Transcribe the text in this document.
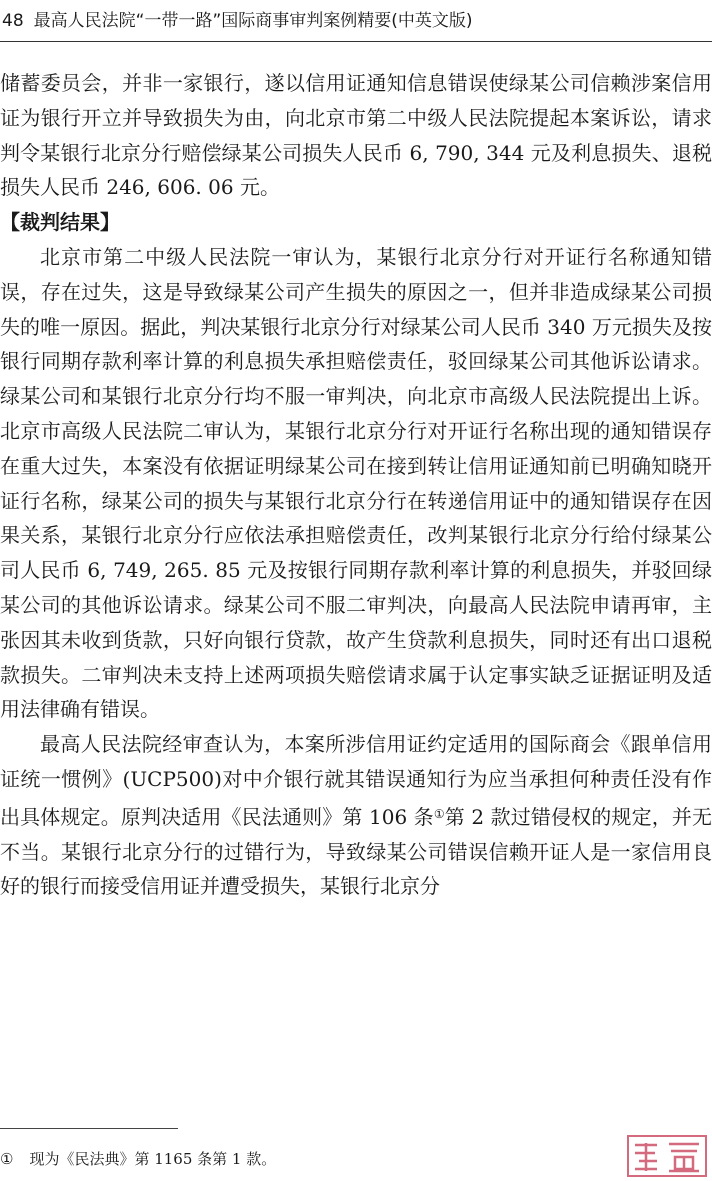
48 最高人民法院“一带一路”国际商事审判案例精要(中英文版)

储蓄委员会，并非一家银行，遂以信用证通知信息错误使绿某公司信赖涉案信用证为银行开立并导致损失为由，向北京市第二中级人民法院提起本案诉讼，请求判令某银行北京分行赔偿绿某公司损失人民币 6, 790, 344 元及利息损失、退税损失人民币 246, 606. 06 元。

【裁判结果】

北京市第二中级人民法院一审认为，某银行北京分行对开证行名称通知错误，存在过失，这是导致绿某公司产生损失的原因之一，但并非造成绿某公司损失的唯一原因。据此，判决某银行北京分行对绿某公司人民币 340 万元损失及按银行同期存款利率计算的利息损失承担赔偿责任，驳回绿某公司其他诉讼请求。绿某公司和某银行北京分行均不服一审判决，向北京市高级人民法院提出上诉。北京市高级人民法院二审认为，某银行北京分行对开证行名称出现的通知错误存在重大过失，本案没有依据证明绿某公司在接到转让信用证通知前已明确知晓开证行名称，绿某公司的损失与某银行北京分行在转递信用证中的通知错误存在因果关系，某银行北京分行应依法承担赔偿责任，改判某银行北京分行给付绿某公司人民币 6, 749, 265. 85 元及按银行同期存款利率计算的利息损失，并驳回绿某公司的其他诉讼请求。绿某公司不服二审判决，向最高人民法院申请再审，主张因其未收到货款，只好向银行贷款，故产生贷款利息损失，同时还有出口退税款损失。二审判决未支持上述两项损失赔偿请求属于认定事实缺乏证据证明及适用法律确有错误。

最高人民法院经审查认为，本案所涉信用证约定适用的国际商会《跟单信用证统一惯例》(UCP500)对中介银行就其错误通知行为应当承担何种责任没有作出具体规定。原判决适用《民法通则》第 106 条①第 2 款过错侵权的规定，并无不当。某银行北京分行的过错行为，导致绿某公司错误信赖开证人是一家信用良好的银行而接受信用证并遭受损失，某银行北京分

① 现为《民法典》第 1165 条第 1 款。
